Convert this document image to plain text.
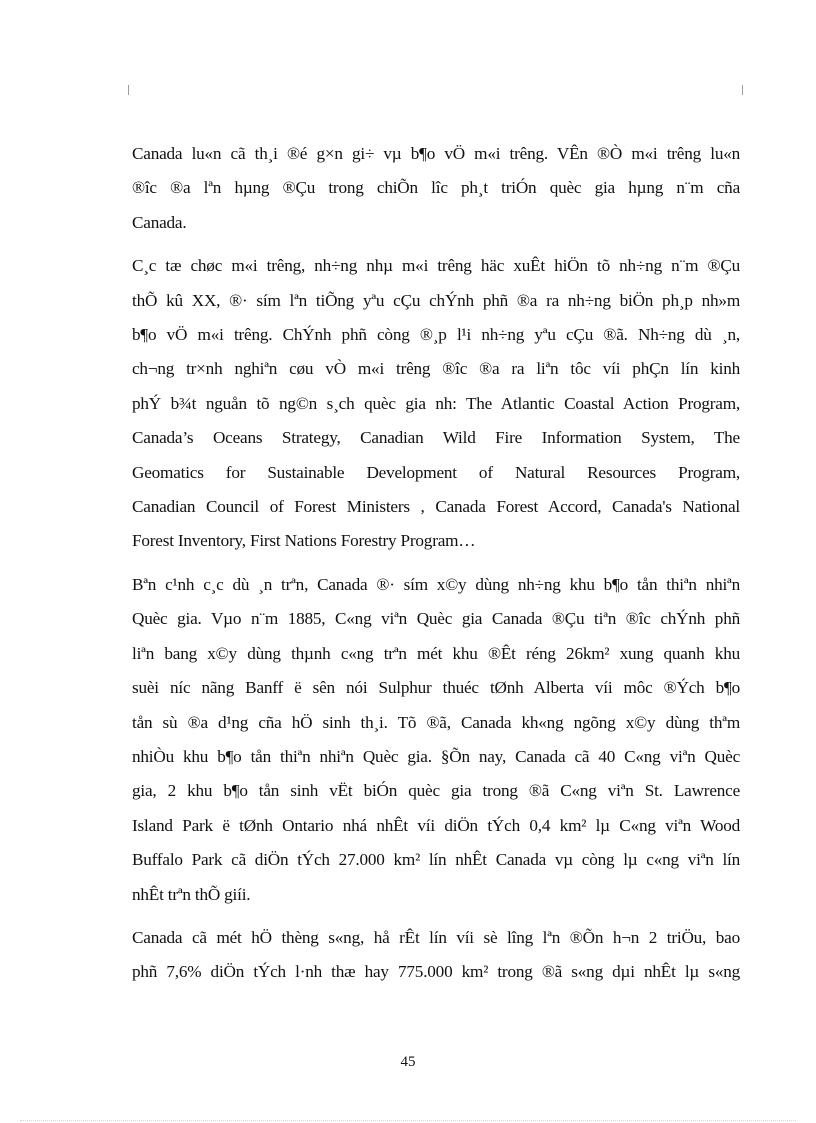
Canada lu«n cã th¸i ®é g×n gi÷ vµ b¶o vÖ m«i trêng. VÊn ®Ò m«i trêng lu«n
®îc ®a lªn hµng ®Çu trong chiÕn lîc ph¸t triÓn quèc gia hµng n¨m cña
Canada.

C¸c tæ chøc m«i trêng, nh÷ng nhµ m«i trêng häc xuÊt hiÖn tõ nh÷ng n¨m ®Çu
thÕ kû XX, ®· sím lªn tiÕng yªu cÇu chÝnh phñ ®a ra nh÷ng biÖn ph¸p nh»m
b¶o vÖ m«i trêng. ChÝnh phñ còng ®¸p l¹i nh÷ng yªu cÇu ®ã. Nh÷ng dù ¸n,
ch¬ng tr×nh nghiªn cøu vÒ m«i trêng ®îc ®a ra liªn tôc víi phÇn lín kinh
phÝ b¾t nguån tõ ng©n s¸ch quèc gia nh: The Atlantic Coastal Action Program,
Canada’s Oceans Strategy, Canadian Wild Fire Information System, The
Geomatics for Sustainable Development of Natural Resources Program,
Canadian Council of Forest Ministers , Canada Forest Accord, Canada's National
Forest Inventory, First Nations Forestry Program…

Bªn c¹nh c¸c dù ¸n trªn, Canada ®· sím x©y dùng nh÷ng khu b¶o tån thiªn nhiªn
Quèc gia. Vµo n¨m 1885, C«ng viªn Quèc gia Canada ®Çu tiªn ®îc chÝnh phñ
liªn bang x©y dùng thµnh c«ng trªn mét khu ®Êt réng 26km² xung quanh khu
suèi níc nãng Banff ë sên nói Sulphur thuéc tØnh Alberta víi môc ®Ých b¶o
tån sù ®a d¹ng cña hÖ sinh th¸i. Tõ ®ã, Canada kh«ng ngõng x©y dùng thªm
nhiÒu khu b¶o tån thiªn nhiªn Quèc gia. §Õn nay, Canada cã 40 C«ng viªn Quèc
gia, 2 khu b¶o tån sinh vËt biÓn quèc gia trong ®ã C«ng viªn St. Lawrence
Island Park ë tØnh Ontario nhá nhÊt víi diÖn tÝch 0,4 km² lµ C«ng viªn Wood
Buffalo Park cã diÖn tÝch 27.000 km² lín nhÊt Canada vµ còng lµ c«ng viªn lín
nhÊt trªn thÕ giíi.

Canada cã mét hÖ thèng s«ng, hå rÊt lín víi sè lîng lªn ®Õn h¬n 2 triÖu, bao
phñ 7,6% diÖn tÝch l·nh thæ hay 775.000 km² trong ®ã s«ng dµi nhÊt lµ s«ng

45
